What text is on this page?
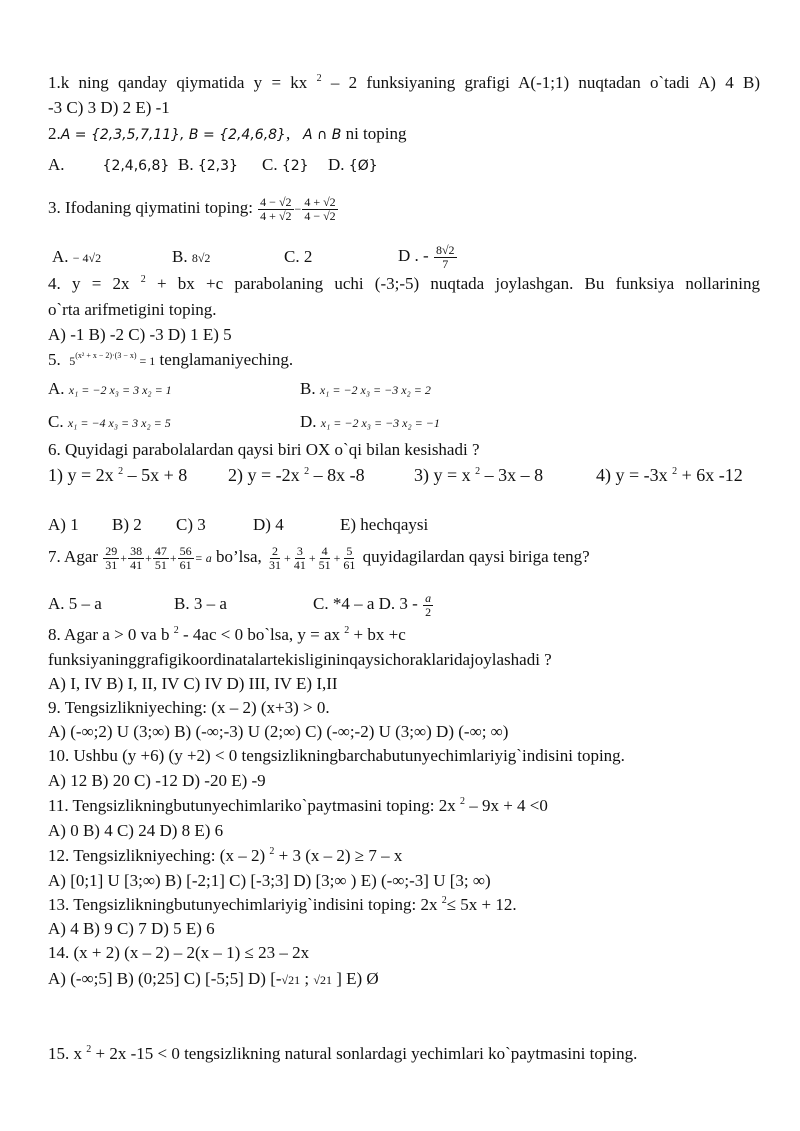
1.k ning qanday qiymatida y = kx $^2$ – 2 funksiyaning grafigi A(-1;1) nuqtadan o`tadi A) 4 B)
-3 C) 3 D) 2 E) -1
2.A = {2,3,5,7,11}, B = {2,4,6,8}, A ∩ B ni toping
A.	{2,4,6,8} B. {2,3} C. {2} D. {Ø}
3. Ifodaning qiymatini toping: $\frac{4 - √2}{4 + √2} - \frac{4 + √2}{4 - √2}$
A. − 4√2	B. 8√2	C. 2	D . - $\frac{8√2}{7}$
4. y = 2x $^2$ + bx +c parabolaning uchi (-3;-5) nuqtada joylashgan. Bu funksiya nollarining
o`rta arifmetigini toping.
A) -1 B) -2 C) -3 D) 1 E) 5
5. $5^{(x^2 + x - 2)\cdot(3 - x)} = 1$ tenglamaniyeching.
A. x₁ = −2 x₃ = 3 x₂ = 1	B. x₁ = −2 x₃ = −3 x₂ = 2
C. x₁ = −4 x₃ = 3 x₂ = 5	D. x₁ = −2 x₃ = −3 x₂ = −1
6. Quyidagi parabolalardan qaysi biri OX o`qi bilan kesishadi ?
1) y = 2x $^2$ – 5x + 8 2) y = -2x $^2$ – 8x -8	3) y = x $^2$ – 3x – 8	4) y = -3x $^2$ + 6x -12
A) 1 B) 2 C) 3	D) 4	E) hechqaysi
7. Agar $\frac{29}{31} + \frac{38}{41} + \frac{47}{51} + \frac{56}{61} = a$ bo’lsa, $\frac{2}{31} + \frac{3}{41} + \frac{4}{51} + \frac{5}{61}$ quyidagilardan qaysi biriga teng?
A. 5 – a	B. 3 – a	C. *4 – a D. $3 - \frac{a}{2}$
8. Agar a > 0 va b $^2$ - 4ac < 0 bo`lsa, y = ax $^2$ + bx +c
funksiyaninggrafigikoordinatalartekisligininqaysichoraklaridajoylashadi ?
A) I, IV B) I, II, IV C) IV D) III, IV E) I,II
9. Tengsizlikniyeching: (x – 2) (x+3) > 0.
A) (-∞;2) U (3;∞) B) (-∞;-3) U (2;∞) C) (-∞;-2) U (3;∞) D) (-∞; ∞)
10. Ushbu (y +6) (y +2) < 0 tengsizlikningbarchabutunyechimlariyig`indisini toping.
A) 12 B) 20 C) -12 D) -20 E) -9
11. Tengsizlikningbutunyechimlariko`paytmasini toping: 2x $^2$ – 9x + 4 <0
A) 0 B) 4 C) 24 D) 8 E) 6
12. Tengsizlikniyeching: (x – 2) $^2$ + 3 (x – 2) ≥ 7 – x
A) [0;1] U [3;∞) B) [-2;1] C) [-3;3] D) [3;∞ ) E) (-∞;-3] U [3; ∞)
13. Tengsizlikningbutunyechimlariyig`indisini toping: 2x $^2$≤ 5x + 12.
A) 4 B) 9 C) 7 D) 5 E) 6
14. (x + 2) (x – 2) – 2(x – 1) ≤ 23 – 2x
A) (-∞;5] B) (0;25] C) [-5;5] D) [-√21 ; √21 ] E) Ø
15. x $^2$ + 2x -15 < 0 tengsizlikning natural sonlardagi yechimlari ko`paytmasini toping.
